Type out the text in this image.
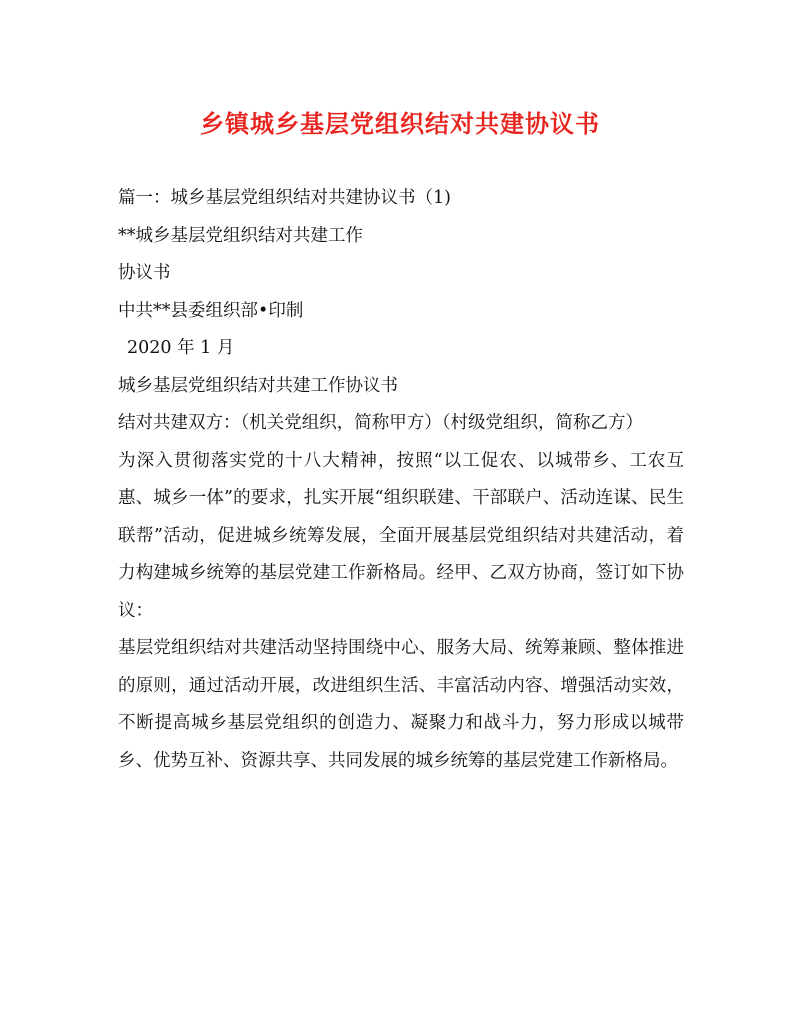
乡镇城乡基层党组织结对共建协议书
篇一：城乡基层党组织结对共建协议书（1)
**城乡基层党组织结对共建工作
协议书
中共**县委组织部•印制
2020 年 1 月
城乡基层党组织结对共建工作协议书
结对共建双方：（机关党组织，简称甲方）（村级党组织，简称乙方）
为深入贯彻落实党的十八大精神，按照“以工促农、以城带乡、工农互惠、城乡一体”的要求，扎实开展“组织联建、干部联户、活动连谋、民生联帮”活动，促进城乡统筹发展，全面开展基层党组织结对共建活动，着力构建城乡统筹的基层党建工作新格局。经甲、乙双方协商，签订如下协议：
基层党组织结对共建活动坚持围绕中心、服务大局、统筹兼顾、整体推进的原则，通过活动开展，改进组织生活、丰富活动内容、增强活动实效，不断提高城乡基层党组织的创造力、凝聚力和战斗力，努力形成以城带乡、优势互补、资源共享、共同发展的城乡统筹的基层党建工作新格局。
